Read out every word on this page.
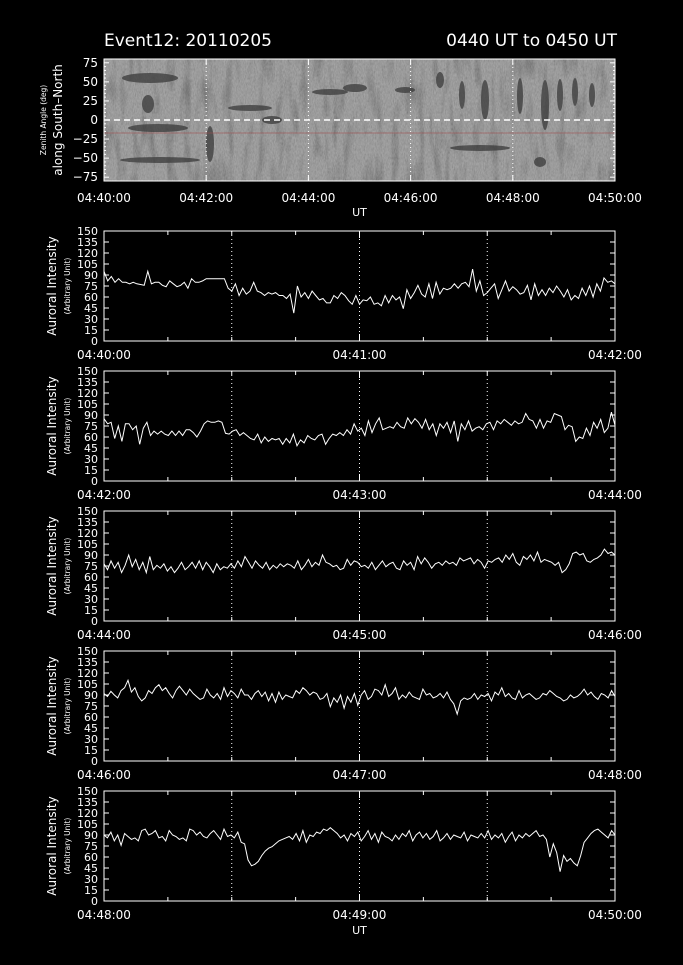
Event12: 20110205	0440 UT to 0450 UT
75
50
25
0
−25
−50
−75
04:40:00	04:42:00	04:44:00	04:46:00	04:48:00	04:50:00
UT
Zenith Angle (deg) along South–North
0
15
30
45
60
75
90
105
120
135
150
04:40:00	04:41:00	04:42:00
Auroral Intensity (Arbitrary Unit)
0
15
30
45
60
75
90
105
120
135
150
04:42:00	04:43:00	04:44:00
Auroral Intensity (Arbitrary Unit)
0
15
30
45
60
75
90
105
120
135
150
04:44:00	04:45:00	04:46:00
Auroral Intensity (Arbitrary Unit)
0
15
30
45
60
75
90
105
120
135
150
04:46:00	04:47:00	04:48:00
Auroral Intensity (Arbitrary Unit)
0
15
30
45
60
75
90
105
120
135
150
04:48:00	04:49:00	04:50:00
UT
Auroral Intensity (Arbitrary Unit)
